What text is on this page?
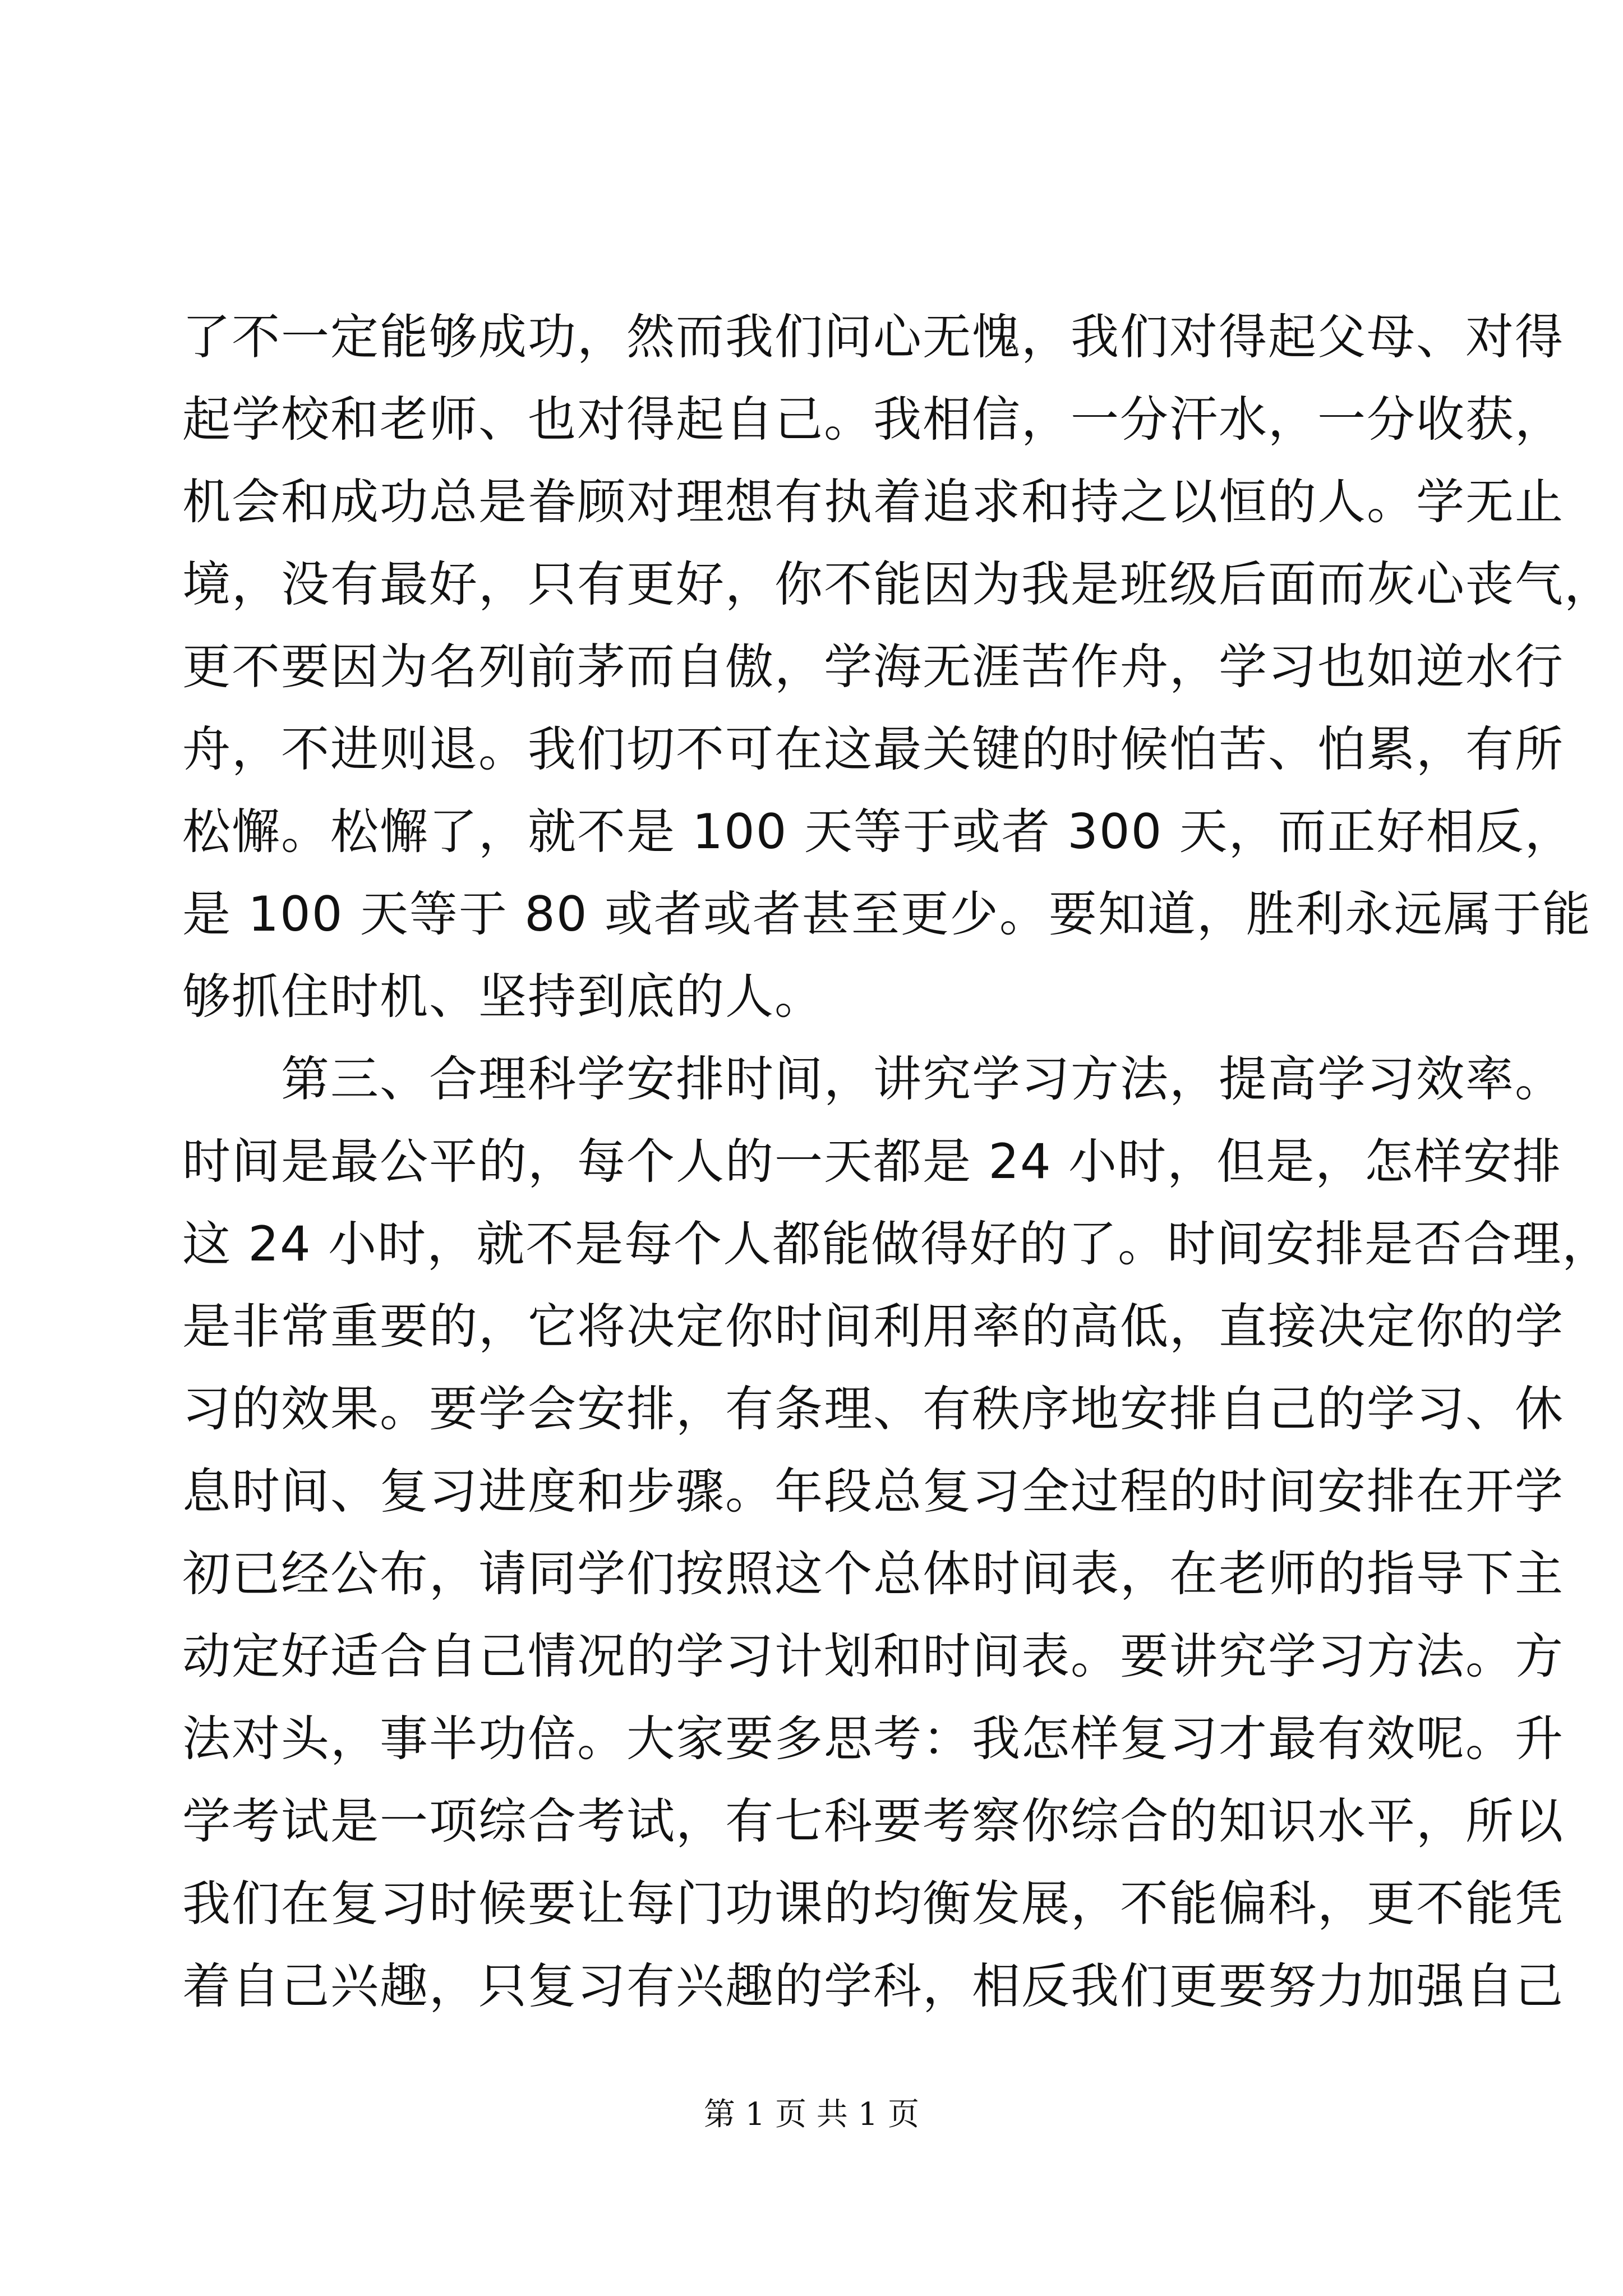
了不一定能够成功，然而我们问心无愧，我们对得起父母、对得
起学校和老师、也对得起自己。我相信，一分汗水，一分收获，
机会和成功总是眷顾对理想有执着追求和持之以恒的人。学无止
境，没有最好，只有更好，你不能因为我是班级后面而灰心丧气，
更不要因为名列前茅而自傲，学海无涯苦作舟，学习也如逆水行
舟，不进则退。我们切不可在这最关键的时候怕苦、怕累，有所
松懈。松懈了，就不是 100 天等于或者 300 天，而正好相反，
是 100 天等于 80 或者或者甚至更少。要知道，胜利永远属于能
够抓住时机、坚持到底的人。
　　第三、合理科学安排时间，讲究学习方法，提高学习效率。
时间是最公平的，每个人的一天都是 24 小时，但是，怎样安排
这 24 小时，就不是每个人都能做得好的了。时间安排是否合理，
是非常重要的，它将决定你时间利用率的高低，直接决定你的学
习的效果。要学会安排，有条理、有秩序地安排自己的学习、休
息时间、复习进度和步骤。年段总复习全过程的时间安排在开学
初已经公布，请同学们按照这个总体时间表，在老师的指导下主
动定好适合自己情况的学习计划和时间表。要讲究学习方法。方
法对头，事半功倍。大家要多思考：我怎样复习才最有效呢。升
学考试是一项综合考试，有七科要考察你综合的知识水平，所以
我们在复习时候要让每门功课的均衡发展，不能偏科，更不能凭
着自己兴趣，只复习有兴趣的学科，相反我们更要努力加强自己
第 1 页 共 1 页
